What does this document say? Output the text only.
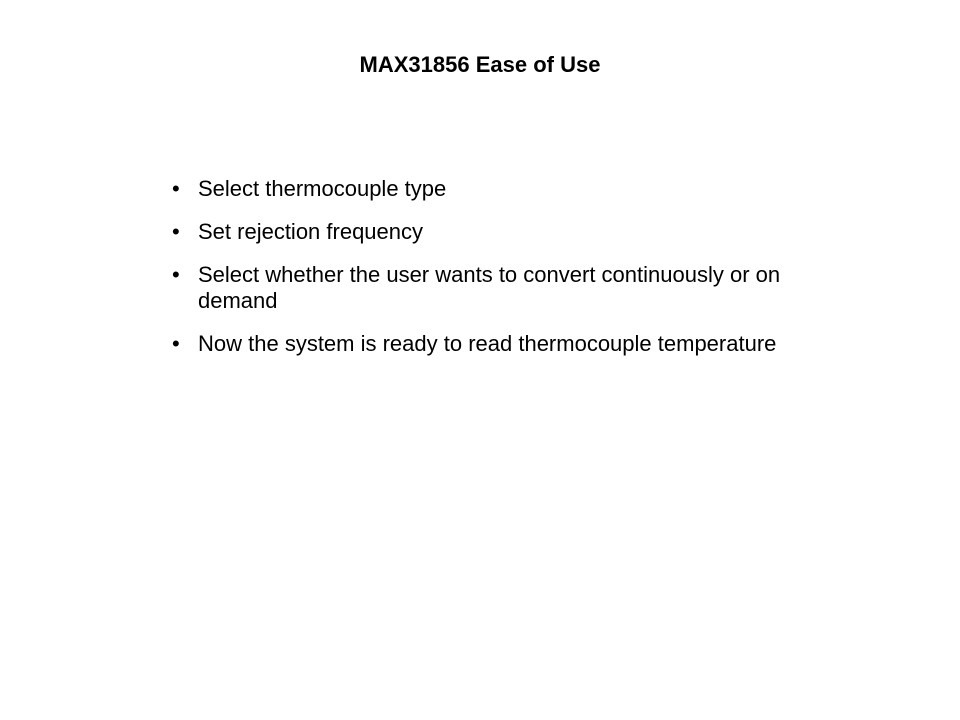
MAX31856 Ease of Use
• Select thermocouple type
• Set rejection frequency
• Select whether the user wants to convert continuously or on demand
• Now the system is ready to read thermocouple temperature
